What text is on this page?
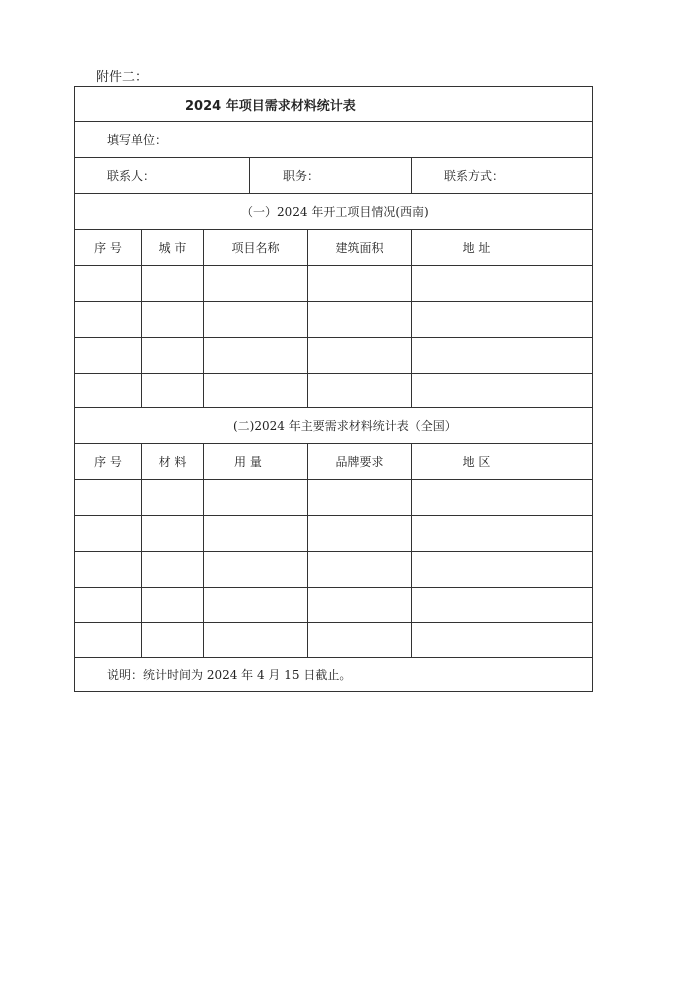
附件二：
2024 年项目需求材料统计表
填写单位：
联系人：	职务：	联系方式：
（一）2024 年开工项目情况(西南)
序 号	城 市	项目名称	建筑面积	地 址
(二)2024 年主要需求材料统计表（全国）
序 号	材 料	用 量	品牌要求	地 区
说明：统计时间为 2024 年 4 月 15 日截止。
